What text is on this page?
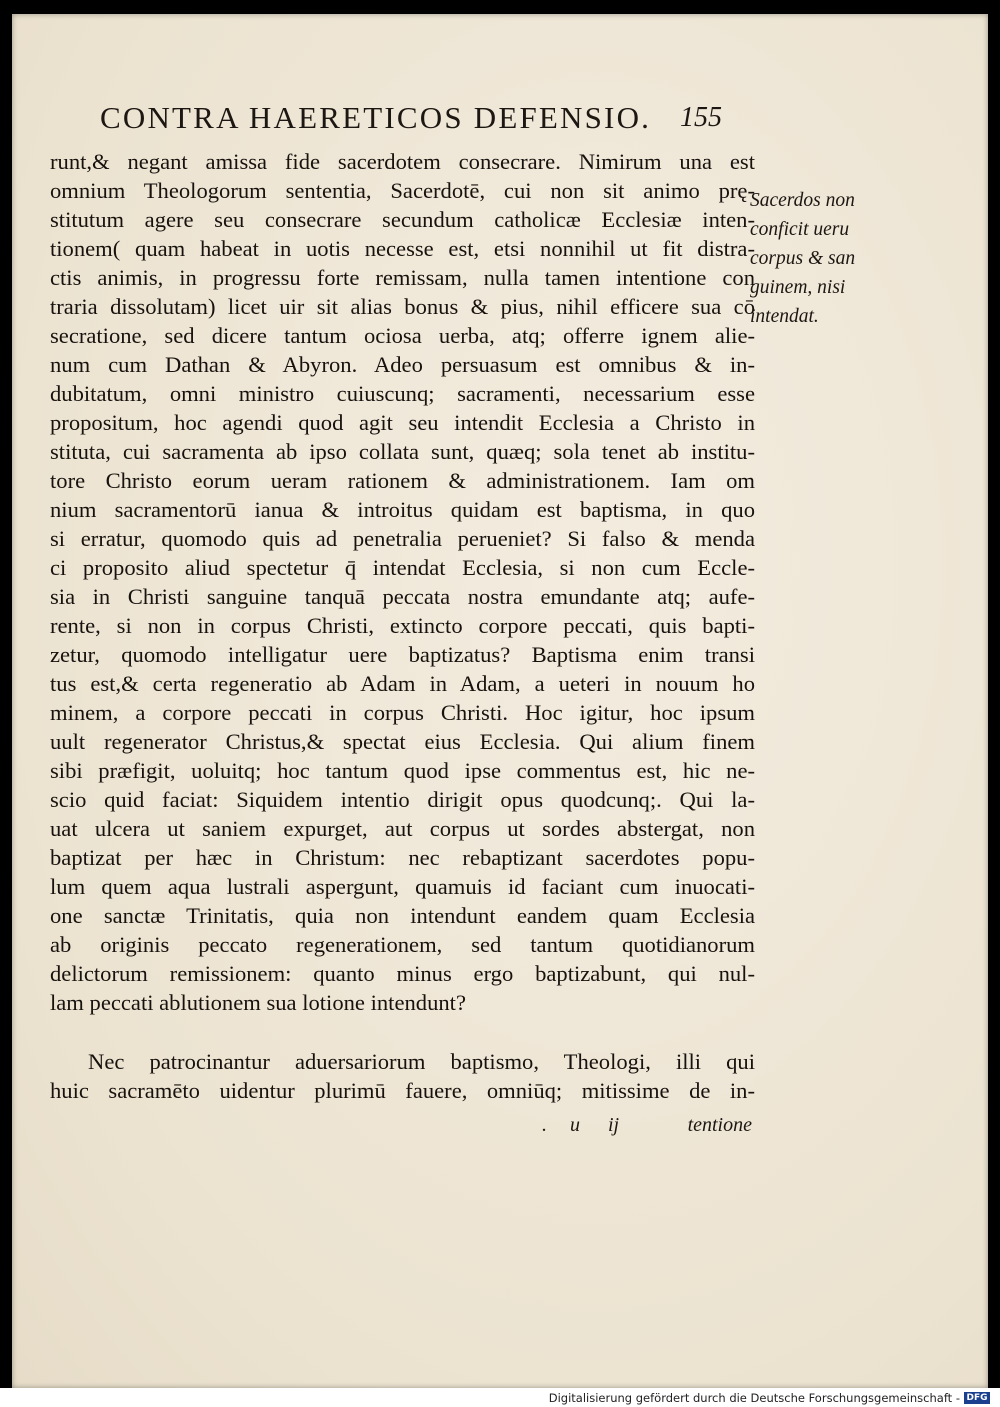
CONTRA HAERETICOS DEFENSIO.	155
runt,& negant amissa fide sacerdotem consecrare. Nimirum una est
omnium Theologorum sententia, Sacerdotē, cui non sit animo prę-
stitutum agere seu consecrare secundum catholicæ Ecclesiæ inten-
tionem( quam habeat in uotis necesse est, etsi nonnihil ut fit distra-
ctis animis, in progressu forte remissam, nulla tamen intentione con
traria dissolutam) licet uir sit alias bonus & pius, nihil efficere sua cō
secratione, sed dicere tantum ociosa uerba, atq; offerre ignem alie-
num cum Dathan & Abyron. Adeo persuasum est omnibus & in-
dubitatum, omni ministro cuiuscunq; sacramenti, necessarium esse
propositum, hoc agendi quod agit seu intendit Ecclesia a Christo in
stituta, cui sacramenta ab ipso collata sunt, quæq; sola tenet ab institu-
tore Christo eorum ueram rationem & administrationem. Iam om
nium sacramentorū ianua & introitus quidam est baptisma, in quo
si erratur, quomodo quis ad penetralia perueniet? Si falso & menda
ci proposito aliud spectetur q̄ intendat Ecclesia, si non cum Eccle-
sia in Christi sanguine tanquā peccata nostra emundante atq; aufe-
rente, si non in corpus Christi, extincto corpore peccati, quis bapti-
zetur, quomodo intelligatur uere baptizatus? Baptisma enim transi
tus est,& certa regeneratio ab Adam in Adam, a ueteri in nouum ho
minem, a corpore peccati in corpus Christi. Hoc igitur, hoc ipsum
uult regenerator Christus,& spectat eius Ecclesia. Qui alium finem
sibi præfigit, uoluitq; hoc tantum quod ipse commentus est, hic ne-
scio quid faciat: Siquidem intentio dirigit opus quodcunq;. Qui la-
uat ulcera ut saniem expurget, aut corpus ut sordes abstergat, non
baptizat per hæc in Christum: nec rebaptizant sacerdotes popu-
lum quem aqua lustrali aspergunt, quamuis id faciant cum inuocati-
one sanctæ Trinitatis, quia non intendunt eandem quam Ecclesia
ab originis peccato regenerationem, sed tantum quotidianorum
delictorum remissionem: quanto minus ergo baptizabunt, qui nul-
lam peccati ablutionem sua lotione intendunt?
Sacerdos non
conficit ueru
corpus & san
guinem, nisi
intendat.
Nec patrocinantur aduersariorum baptismo, Theologi, illi qui
huic sacramēto uidentur plurimū fauere, omniūq; mitissime de in-
. u ij	tentione
Digitalisierung gefördert durch die Deutsche Forschungsgemeinschaft - DFG
